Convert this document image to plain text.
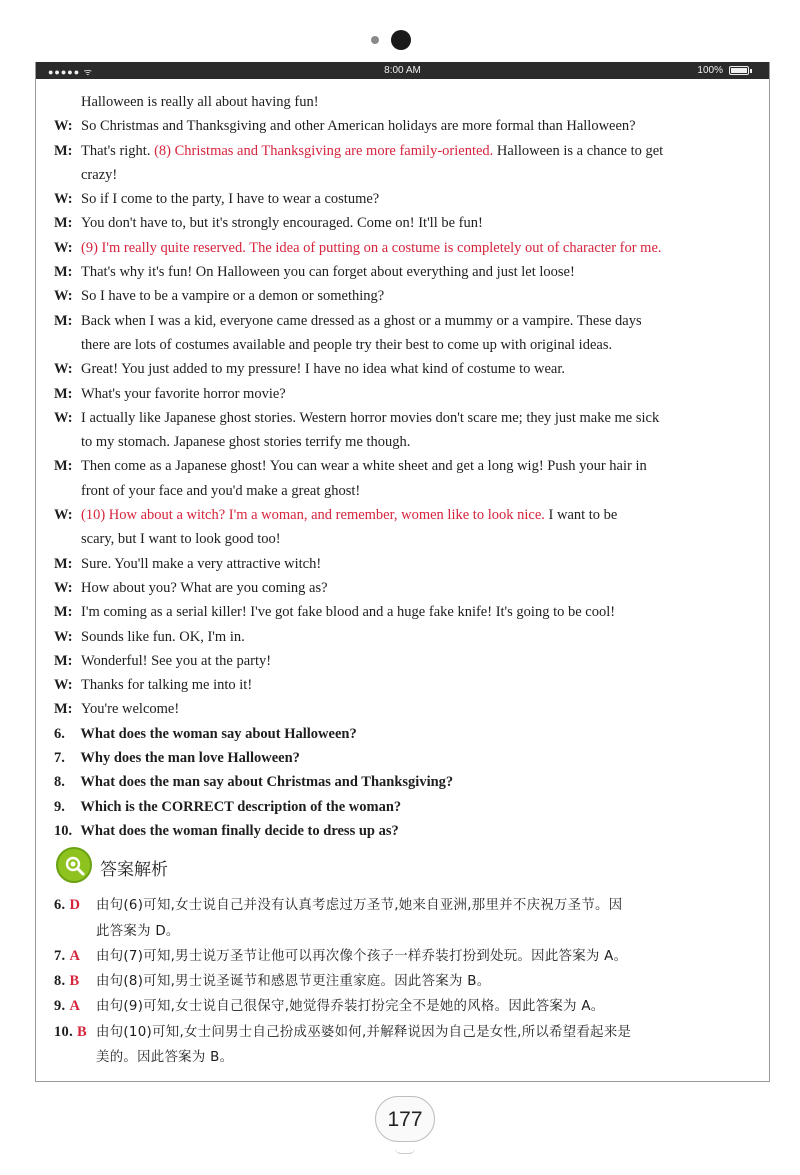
●●●●● ᯤ	8:00 AM	100%
Halloween is really all about having fun!
W: So Christmas and Thanksgiving and other American holidays are more formal than Halloween?
M: That's right. (8) Christmas and Thanksgiving are more family-oriented. Halloween is a chance to get
crazy!
W: So if I come to the party, I have to wear a costume?
M: You don't have to, but it's strongly encouraged. Come on! It'll be fun!
W: (9) I'm really quite reserved. The idea of putting on a costume is completely out of character for me.
M: That's why it's fun! On Halloween you can forget about everything and just let loose!
W: So I have to be a vampire or a demon or something?
M: Back when I was a kid, everyone came dressed as a ghost or a mummy or a vampire. These days
there are lots of costumes available and people try their best to come up with original ideas.
W: Great! You just added to my pressure! I have no idea what kind of costume to wear.
M: What's your favorite horror movie?
W: I actually like Japanese ghost stories. Western horror movies don't scare me; they just make me sick
to my stomach. Japanese ghost stories terrify me though.
M: Then come as a Japanese ghost! You can wear a white sheet and get a long wig! Push your hair in
front of your face and you'd make a great ghost!
W: (10) How about a witch? I'm a woman, and remember, women like to look nice. I want to be
scary, but I want to look good too!
M: Sure. You'll make a very attractive witch!
W: How about you? What are you coming as?
M: I'm coming as a serial killer! I've got fake blood and a huge fake knife! It's going to be cool!
W: Sounds like fun. OK, I'm in.
M: Wonderful! See you at the party!
W: Thanks for talking me into it!
M: You're welcome!
6. What does the woman say about Halloween?
7. Why does the man love Halloween?
8. What does the man say about Christmas and Thanksgiving?
9. Which is the CORRECT description of the woman?
10. What does the woman finally decide to dress up as?
答案解析
6. D 由句(6)可知,女士说自己并没有认真考虑过万圣节,她来自亚洲,那里并不庆祝万圣节。因
此答案为 D。
7. A 由句(7)可知,男士说万圣节让他可以再次像个孩子一样乔装打扮到处玩。因此答案为 A。
8. B 由句(8)可知,男士说圣诞节和感恩节更注重家庭。因此答案为 B。
9. A 由句(9)可知,女士说自己很保守,她觉得乔装打扮完全不是她的风格。因此答案为 A。
10. B 由句(10)可知,女士问男士自己扮成巫婆如何,并解释说因为自己是女性,所以希望看起来是
美的。因此答案为 B。
177
